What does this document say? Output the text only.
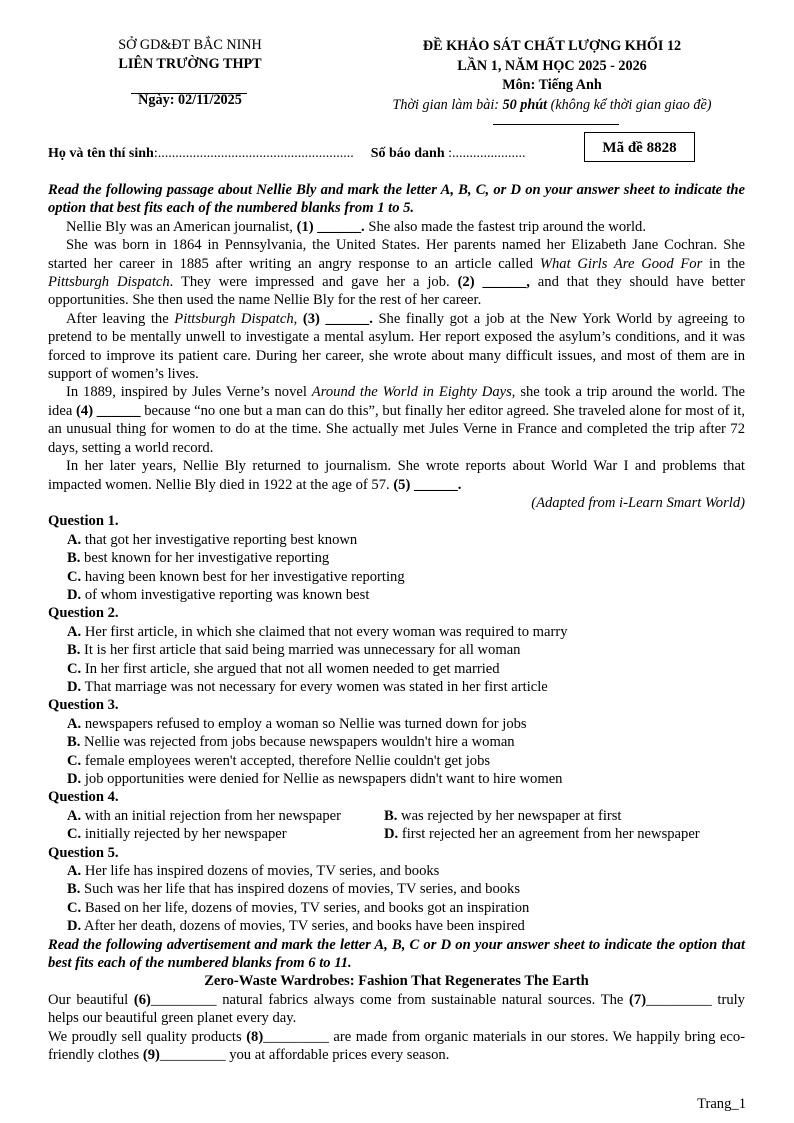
SỞ GD&ĐT BẮC NINH
LIÊN TRƯỜNG THPT
Ngày: 02/11/2025
ĐỀ KHẢO SÁT CHẤT LƯỢNG KHỐI 12
LẦN 1, NĂM HỌC 2025 - 2026
Môn: Tiếng Anh
Thời gian làm bài: 50 phút (không kể thời gian giao đề)
Họ và tên thí sinh:........................................................ Số báo danh :.....................	Mã đề 8828

Read the following passage about Nellie Bly and mark the letter A, B, C, or D on your answer sheet to indicate the option that best fits each of the numbered blanks from 1 to 5.

Nellie Bly was an American journalist, (1) ______. She also made the fastest trip around the world.

She was born in 1864 in Pennsylvania, the United States. Her parents named her Elizabeth Jane Cochran. She started her career in 1885 after writing an angry response to an article called What Girls Are Good For in the Pittsburgh Dispatch. They were impressed and gave her a job. (2) ______, and that they should have better opportunities. She then used the name Nellie Bly for the rest of her career.

After leaving the Pittsburgh Dispatch, (3) ______. She finally got a job at the New York World by agreeing to pretend to be mentally unwell to investigate a mental asylum. Her report exposed the asylum’s conditions, and it was forced to improve its patient care. During her career, she wrote about many difficult issues, and most of them are in support of women’s lives.

In 1889, inspired by Jules Verne’s novel Around the World in Eighty Days, she took a trip around the world. The idea (4) ______ because “no one but a man can do this”, but finally her editor agreed. She traveled alone for most of it, an unusual thing for women to do at the time. She actually met Jules Verne in France and completed the trip after 72 days, setting a world record.

In her later years, Nellie Bly returned to journalism. She wrote reports about World War I and problems that impacted women. Nellie Bly died in 1922 at the age of 57. (5) ______.

(Adapted from i-Learn Smart World)

Question 1.
A. that got her investigative reporting best known
B. best known for her investigative reporting
C. having been known best for her investigative reporting
D. of whom investigative reporting was known best
Question 2.
A. Her first article, in which she claimed that not every woman was required to marry
B. It is her first article that said being married was unnecessary for all woman
C. In her first article, she argued that not all women needed to get married
D. That marriage was not necessary for every women was stated in her first article
Question 3.
A. newspapers refused to employ a woman so Nellie was turned down for jobs
B. Nellie was rejected from jobs because newspapers wouldn't hire a woman
C. female employees weren't accepted, therefore Nellie couldn't get jobs
D. job opportunities were denied for Nellie as newspapers didn't want to hire women
Question 4.
A. with an initial rejection from her newspaper	B. was rejected by her newspaper at first
C. initially rejected by her newspaper	D. first rejected her an agreement from her newspaper
Question 5.
A. Her life has inspired dozens of movies, TV series, and books
B. Such was her life that has inspired dozens of movies, TV series, and books
C. Based on her life, dozens of movies, TV series, and books got an inspiration
D. After her death, dozens of movies, TV series, and books have been inspired

Read the following advertisement and mark the letter A, B, C or D on your answer sheet to indicate the option that best fits each of the numbered blanks from 6 to 11.

Zero-Waste Wardrobes: Fashion That Regenerates The Earth

Our beautiful (6)_________ natural fabrics always come from sustainable natural sources. The (7)_________ truly helps our beautiful green planet every day.

We proudly sell quality products (8)_________ are made from organic materials in our stores. We happily bring eco-friendly clothes (9)_________ you at affordable prices every season.

Trang_1
